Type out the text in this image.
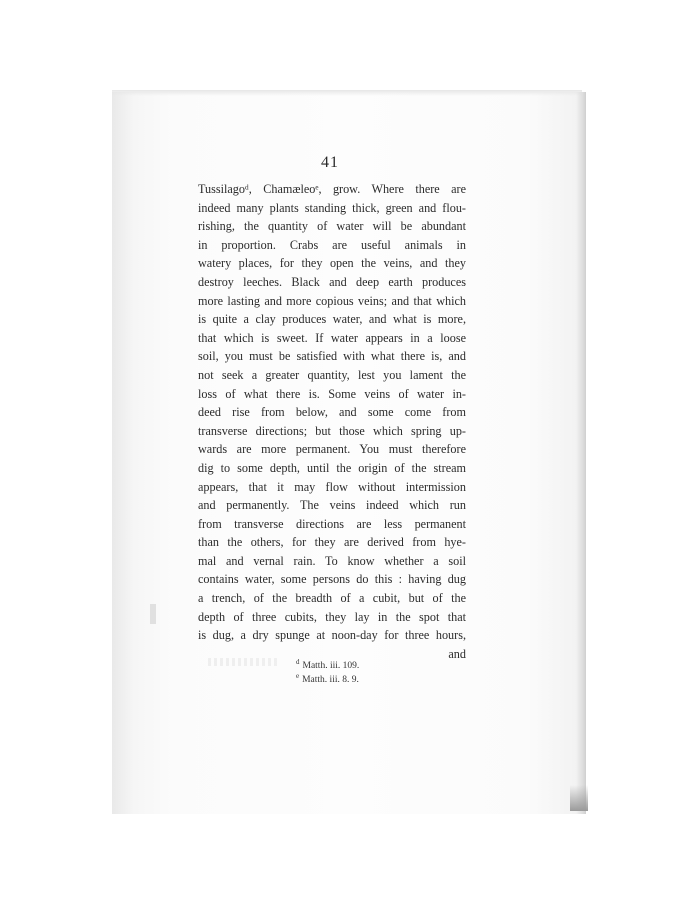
41
Tussilagoᵈ, Chamæleoᵉ, grow. Where there are
indeed many plants standing thick, green and flou-
rishing, the quantity of water will be abundant
in proportion. Crabs are useful animals in
watery places, for they open the veins, and they
destroy leeches. Black and deep earth produces
more lasting and more copious veins; and that which
is quite a clay produces water, and what is more,
that which is sweet. If water appears in a loose
soil, you must be satisfied with what there is, and
not seek a greater quantity, lest you lament the
loss of what there is. Some veins of water in-
deed rise from below, and some come from
transverse directions; but those which spring up-
wards are more permanent. You must therefore
dig to some depth, until the origin of the stream
appears, that it may flow without intermission
and permanently. The veins indeed which run
from transverse directions are less permanent
than the others, for they are derived from hye-
mal and vernal rain. To know whether a soil
contains water, some persons do this : having dug
a trench, of the breadth of a cubit, but of the
depth of three cubits, they lay in the spot that
is dug, a dry spunge at noon-day for three hours,
and
$^d$ Matth. iii. 109.
$^e$ Matth. iii. 8. 9.
